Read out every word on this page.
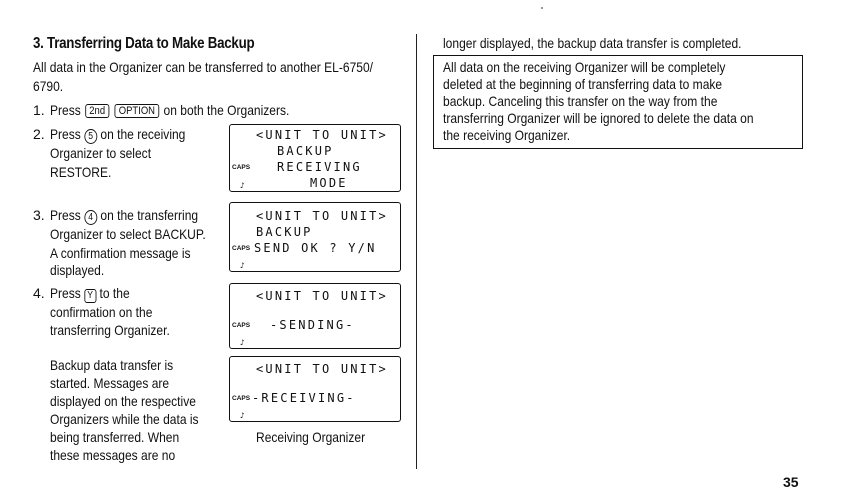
3. Transferring Data to Make Backup
All data in the Organizer can be transferred to another EL-6750/
6790.
1. Press 2nd OPTION on both the Organizers.
2. Press 5 on the receiving
Organizer to select
RESTORE.
3. Press 4 on the transferring
Organizer to select BACKUP.
A confirmation message is
displayed.
4. Press Y to the
confirmation on the
transferring Organizer.
Backup data transfer is
started. Messages are
displayed on the respective
Organizers while the data is
being transferred. When
these messages are no
<UNIT TO UNIT>
BACKUP
CAPS RECEIVING
MODE
♪
<UNIT TO UNIT>
BACKUP
CAPS SEND OK ? Y/N
♪
<UNIT TO UNIT>
CAPS -SENDING-
♪
<UNIT TO UNIT>
CAPS -RECEIVING-
♪
Receiving Organizer
longer displayed, the backup data transfer is completed.
All data on the receiving Organizer will be completely
deleted at the beginning of transferring data to make
backup. Canceling this transfer on the way from the
transferring Organizer will be ignored to delete the data on
the receiving Organizer.
35
